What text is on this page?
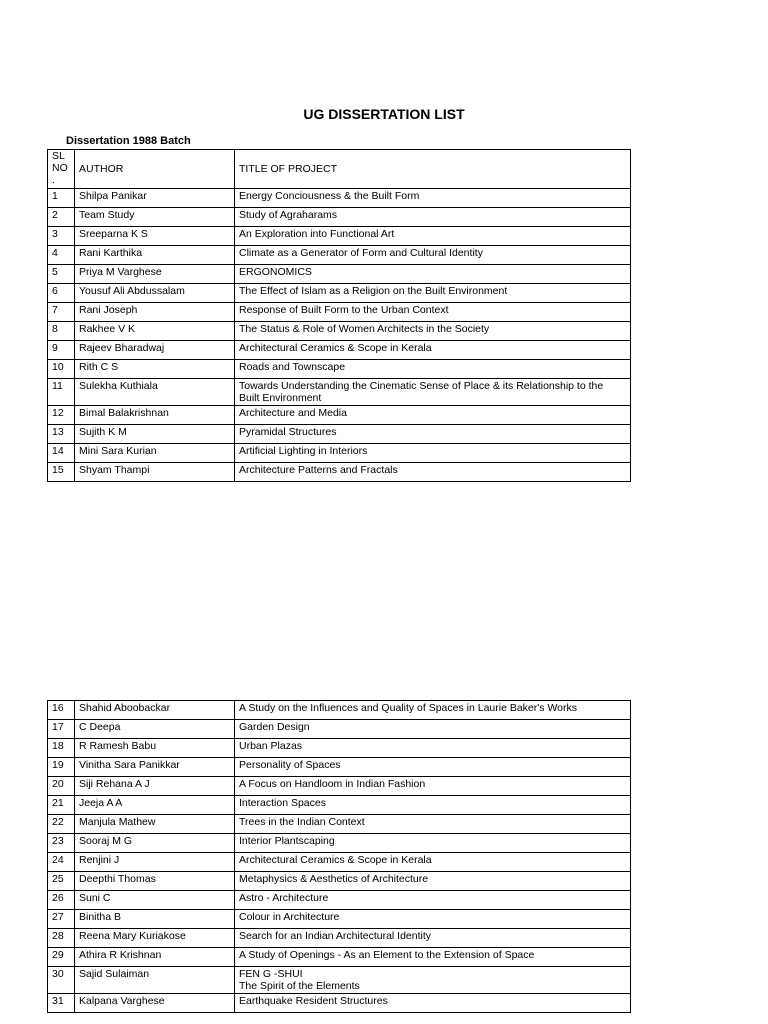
UG DISSERTATION LIST
Dissertation 1988 Batch
SL
NO
.	AUTHOR	TITLE OF PROJECT
1	Shilpa Panikar	Energy Conciousness & the Built Form
2	Team Study	Study of Agraharams
3	Sreeparna K S	An Exploration into Functional Art
4	Rani Karthika	Climate as a Generator of Form and Cultural Identity
5	Priya M Varghese	ERGONOMICS
6	Yousuf Ali Abdussalam	The Effect of Islam as a Religion on the Built Environment
7	Rani Joseph	Response of Built Form to the Urban Context
8	Rakhee V K	The Status & Role of Women Architects in the Society
9	Rajeev Bharadwaj	Architectural Ceramics & Scope in Kerala
10	Rith C S	Roads and Townscape
11	Sulekha Kuthiala	Towards Understanding the Cinematic Sense of Place & its Relationship to the Built Environment
12	Bimal Balakrishnan	Architecture and Media
13	Sujith K M	Pyramidal Structures
14	Mini Sara Kurian	Artificial Lighting in Interiors
15	Shyam Thampi	Architecture Patterns and Fractals
16	Shahid Aboobackar	A Study on the Influences and Quality of Spaces in Laurie Baker's Works
17	C Deepa	Garden Design
18	R Ramesh Babu	Urban Plazas
19	Vinitha Sara Panikkar	Personality of Spaces
20	Siji Rehana A J	A Focus on Handloom in Indian Fashion
21	Jeeja A A	Interaction Spaces
22	Manjula Mathew	Trees in the Indian Context
23	Sooraj M G	Interior Plantscaping
24	Renjini J	Architectural Ceramics & Scope in Kerala
25	Deepthi Thomas	Metaphysics & Aesthetics of Architecture
26	Suni C	Astro - Architecture
27	Binitha B	Colour in Architecture
28	Reena Mary Kuriakose	Search for an Indian Architectural Identity
29	Athira R Krishnan	A Study of Openings - As an Element to the Extension of Space
30	Sajid Sulaiman	FEN G -SHUI
The Spirit of the Elements
31	Kalpana Varghese	Earthquake Resident Structures
